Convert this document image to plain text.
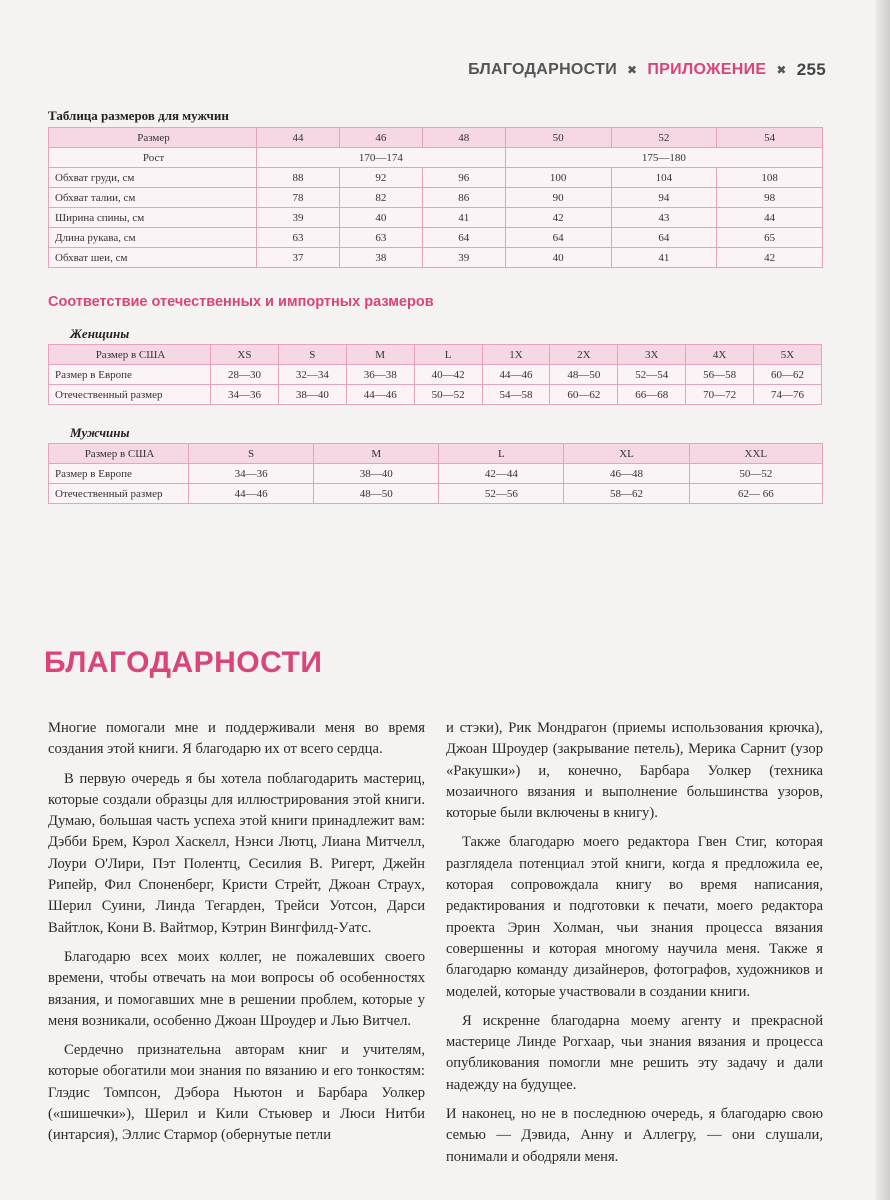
БЛАГОДАРНОСТИ ✖ ПРИЛОЖЕНИЕ ✖ 255
Таблица размеров для мужчин
Размер	44	46	48	50	52	54
Рост	170—174			175—180		
Обхват груди, см	88	92	96	100	104	108
Обхват талии, см	78	82	86	90	94	98
Ширина спины, см	39	40	41	42	43	44
Длина рукава, см	63	63	64	64	64	65
Обхват шеи, см	37	38	39	40	41	42
Соответствие отечественных и импортных размеров
Женщины
Размер в США	XS	S	M	L	1X	2X	3X	4X	5X
Размер в Европе	28—30	32—34	36—38	40—42	44—46	48—50	52—54	56—58	60—62
Отечественный размер	34—36	38—40	44—46	50—52	54—58	60—62	66—68	70—72	74—76
Мужчины
Размер в США	S	M	L	XL	XXL
Размер в Европе	34—36	38—40	42—44	46—48	50—52
Отечественный размер	44—46	48—50	52—56	58—62	62— 66
БЛАГОДАРНОСТИ

Многие помогали мне и поддерживали меня во время создания этой книги. Я благодарю их от всего сердца.

В первую очередь я бы хотела поблагодарить мастериц, которые создали образцы для иллюстрирования этой книги. Думаю, большая часть успеха этой книги принадлежит вам: Дэбби Брем, Кэрол Хаскелл, Нэнси Лютц, Лиана Митчелл, Лоури О'Лири, Пэт Полентц, Сесилия В. Ригерт, Джейн Рипейр, Фил Споненберг, Кристи Стрейт, Джоан Страух, Шерил Суини, Линда Тегарден, Трейси Уотсон, Дарси Вайтлок, Кони В. Вайтмор, Кэтрин Вингфилд-Уатс.

Благодарю всех моих коллег, не пожалевших своего времени, чтобы отвечать на мои вопросы об особенностях вязания, и помогавших мне в решении проблем, которые у меня возникали, особенно Джоан Шроудер и Лью Витчел.

Сердечно признательна авторам книг и учителям, которые обогатили мои знания по вязанию и его тонкостям: Глэдис Томпсон, Дэбора Ньютон и Барбара Уолкер («шишечки»), Шерил и Кили Стьювер и Люси Нитби (интарсия), Эллис Стармор (обернутые петли

и стэки), Рик Мондрагон (приемы использования крючка), Джоан Шроудер (закрывание петель), Мерика Сарнит (узор «Ракушки») и, конечно, Барбара Уолкер (техника мозаичного вязания и выполнение большинства узоров, которые были включены в книгу).

Также благодарю моего редактора Гвен Стиг, которая разглядела потенциал этой книги, когда я предложила ее, которая сопровождала книгу во время написания, редактирования и подготовки к печати, моего редактора проекта Эрин Холман, чьи знания процесса вязания совершенны и которая многому научила меня. Также я благодарю команду дизайнеров, фотографов, художников и моделей, которые участвовали в создании книги.

Я искренне благодарна моему агенту и прекрасной мастерице Линде Рогхаар, чьи знания вязания и процесса опубликования помогли мне решить эту задачу и дали надежду на будущее.

И наконец, но не в последнюю очередь, я благодарю свою семью — Дэвида, Анну и Аллегру, — они слушали, понимали и ободряли меня.
